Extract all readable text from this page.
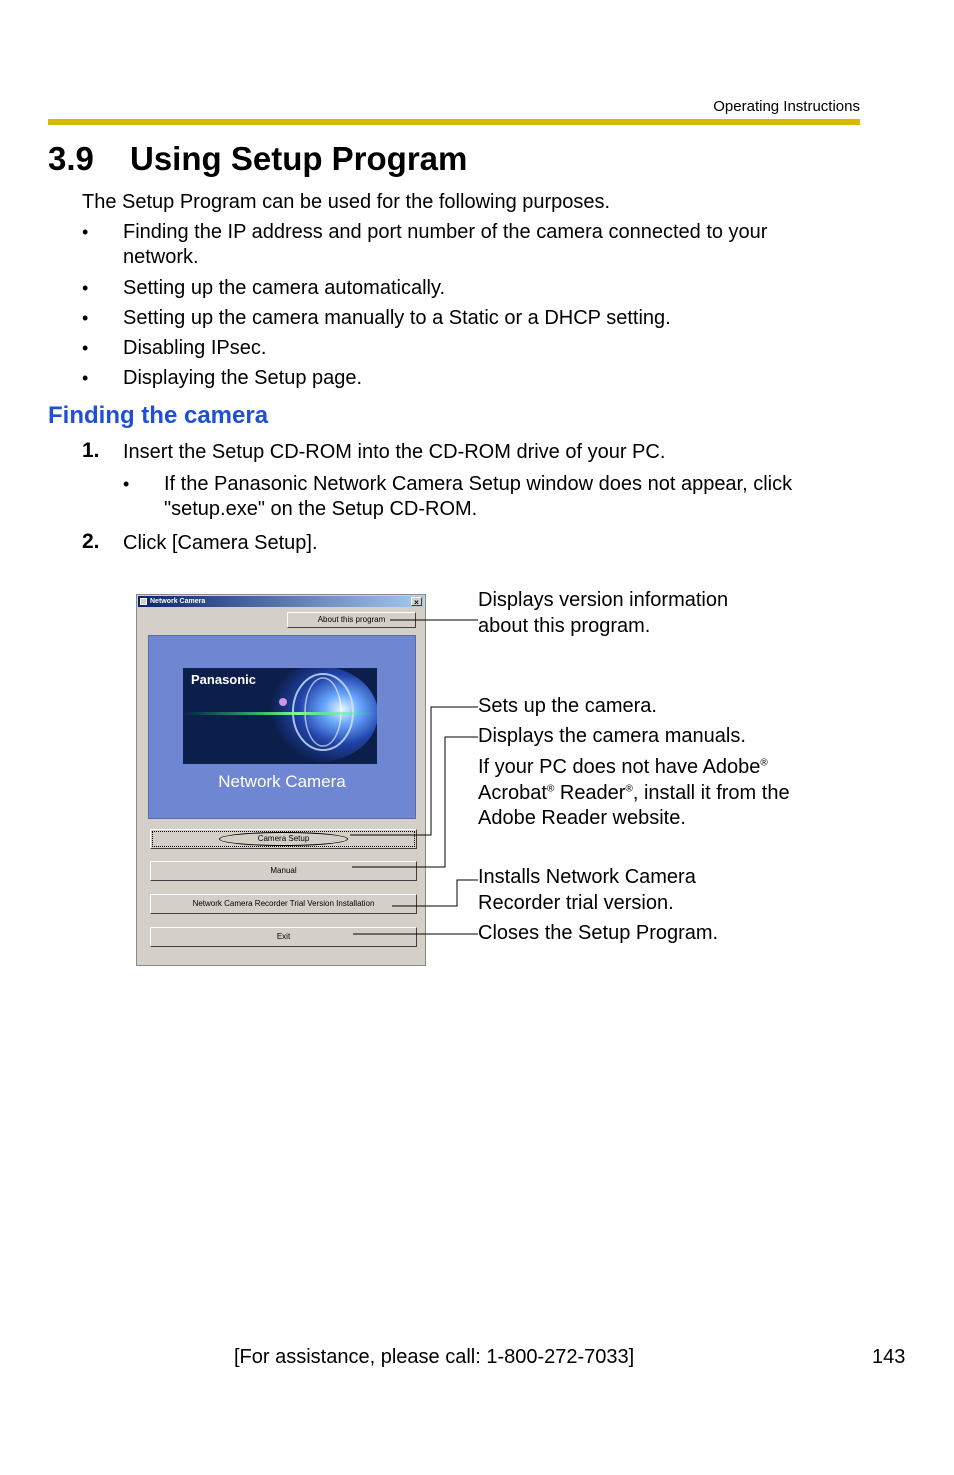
Operating Instructions
3.9 Using Setup Program
The Setup Program can be used for the following purposes.
• Finding the IP address and port number of the camera connected to your network.
• Setting up the camera automatically.
• Setting up the camera manually to a Static or a DHCP setting.
• Disabling IPsec.
• Displaying the Setup page.
Finding the camera
1. Insert the Setup CD-ROM into the CD-ROM drive of your PC.
• If the Panasonic Network Camera Setup window does not appear, click "setup.exe" on the Setup CD-ROM.
2. Click [Camera Setup].
Network Camera	×
About this program
Panasonic
Network Camera
Camera Setup
Manual
Network Camera Recorder Trial Version Installation
Exit
Displays version information about this program.
Sets up the camera.
Displays the camera manuals.
If your PC does not have Adobe®
Acrobat® Reader®, install it from the Adobe Reader website.
Installs Network Camera Recorder trial version.
Closes the Setup Program.
[For assistance, please call: 1-800-272-7033]	143
